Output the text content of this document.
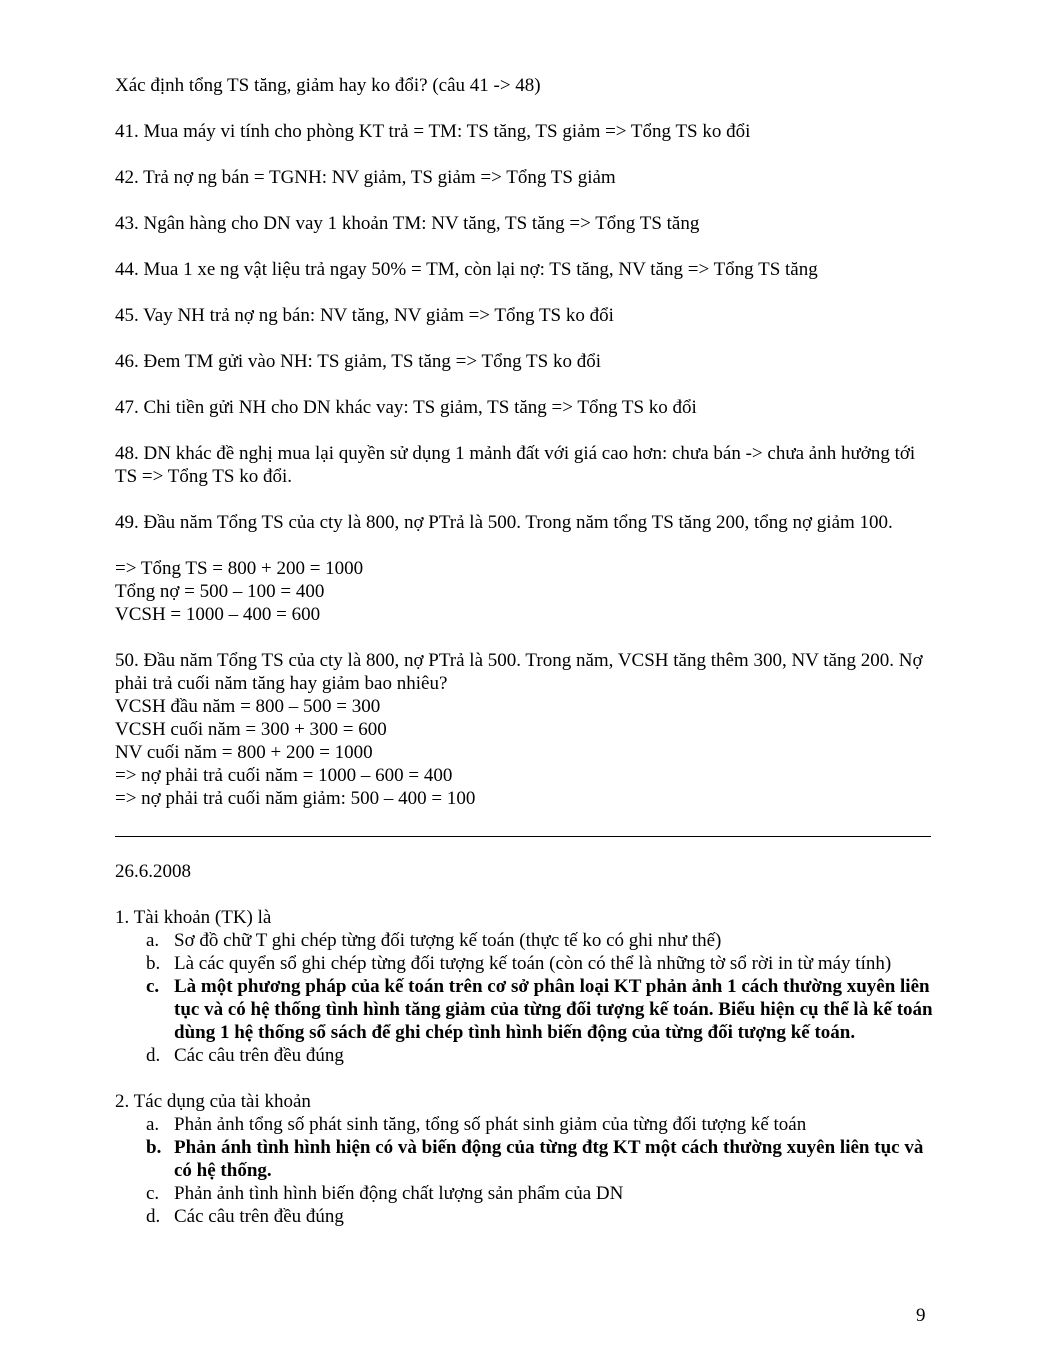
Xác định tổng TS tăng, giảm hay ko đổi? (câu 41 -> 48)

41. Mua máy vi tính cho phòng KT trả = TM: TS tăng, TS giảm => Tổng TS ko đổi

42. Trả nợ ng bán = TGNH: NV giảm, TS giảm => Tổng TS giảm

43. Ngân hàng cho DN vay 1 khoản TM: NV tăng, TS tăng => Tổng TS tăng

44. Mua 1 xe ng vật liệu trả ngay 50% = TM, còn lại nợ: TS tăng, NV tăng => Tổng TS tăng

45. Vay NH trả nợ ng bán: NV tăng, NV giảm => Tổng TS ko đổi

46. Đem TM gửi vào NH: TS giảm, TS tăng => Tổng TS ko đổi

47. Chi tiền gửi NH cho DN khác vay: TS giảm, TS tăng => Tổng TS ko đổi

48. DN khác đề nghị mua lại quyền sử dụng 1 mảnh đất với giá cao hơn: chưa bán -> chưa ảnh hưởng tới TS => Tổng TS ko đổi.

49. Đầu năm Tổng TS của cty là 800, nợ PTrả là 500. Trong năm tổng TS tăng 200, tổng nợ giảm 100.

=> Tổng TS = 800 + 200 = 1000

Tổng nợ = 500 – 100 = 400

VCSH = 1000 – 400 = 600

50. Đầu năm Tổng TS của cty là 800, nợ PTrả là 500. Trong năm, VCSH tăng thêm 300, NV tăng 200. Nợ phải trả cuối năm tăng hay giảm bao nhiêu?

VCSH đầu năm = 800 – 500 = 300

VCSH cuối năm = 300 + 300 = 600

NV cuối năm = 800 + 200 = 1000

=> nợ phải trả cuối năm = 1000 – 600 = 400

=> nợ phải trả cuối năm giảm: 500 – 400 = 100

26.6.2008

1. Tài khoản (TK) là

a. Sơ đồ chữ T ghi chép từng đối tượng kế toán (thực tế ko có ghi như thế)
b. Là các quyển sổ ghi chép từng đối tượng kế toán (còn có thể là những tờ sổ rời in từ máy tính)
c. Là một phương pháp của kế toán trên cơ sở phân loại KT phản ảnh 1 cách thường xuyên liên tục và có hệ thống tình hình tăng giảm của từng đối tượng kế toán. Biểu hiện cụ thể là kế toán dùng 1 hệ thống sổ sách để ghi chép tình hình biến động của từng đối tượng kế toán.
d. Các câu trên đều đúng

2. Tác dụng của tài khoản

a. Phản ảnh tổng số phát sinh tăng, tổng số phát sinh giảm của từng đối tượng kế toán
b. Phản ánh tình hình hiện có và biến động của từng đtg KT một cách thường xuyên liên tục và có hệ thống.
c. Phản ảnh tình hình biến động chất lượng sản phẩm của DN
d. Các câu trên đều đúng
9
